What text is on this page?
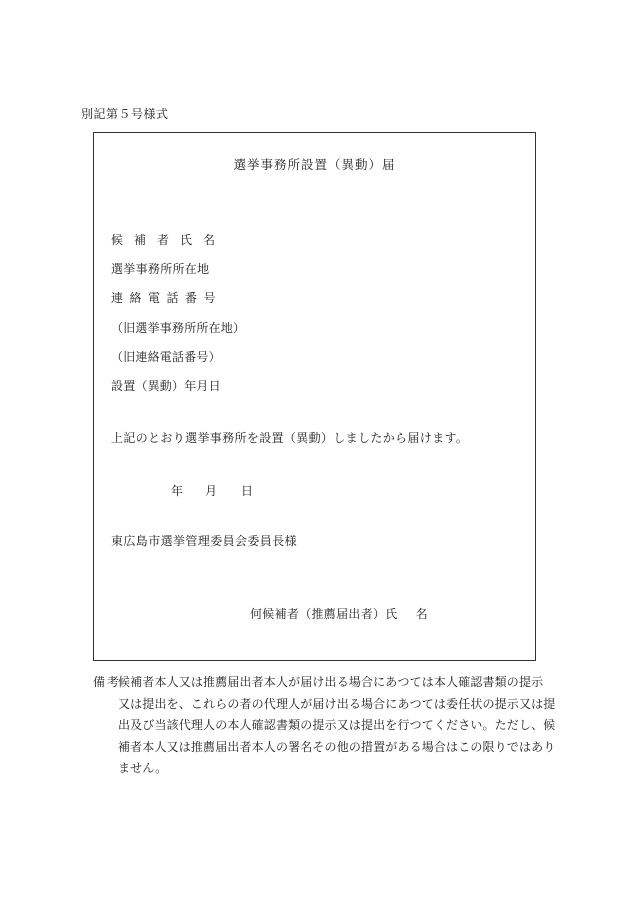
別記第５号様式
選挙事務所設置（異動）届
候補者氏名
選挙事務所所在地
連絡電話番号
（旧選挙事務所所在地）
（旧連絡電話番号）
設置（異動）年月日
上記のとおり選挙事務所を設置（異動）しましたから届けます。
年 月 日
東広島市選挙管理委員会委員長様
何候補者（推薦届出者）氏 名
備考
候補者本人又は推薦届出者本人が届け出る場合にあつては本人確認書類の提示
又は提出を、これらの者の代理人が届け出る場合にあつては委任状の提示又は提
出及び当該代理人の本人確認書類の提示又は提出を行つてください。ただし、候
補者本人又は推薦届出者本人の署名その他の措置がある場合はこの限りではあり
ません。
